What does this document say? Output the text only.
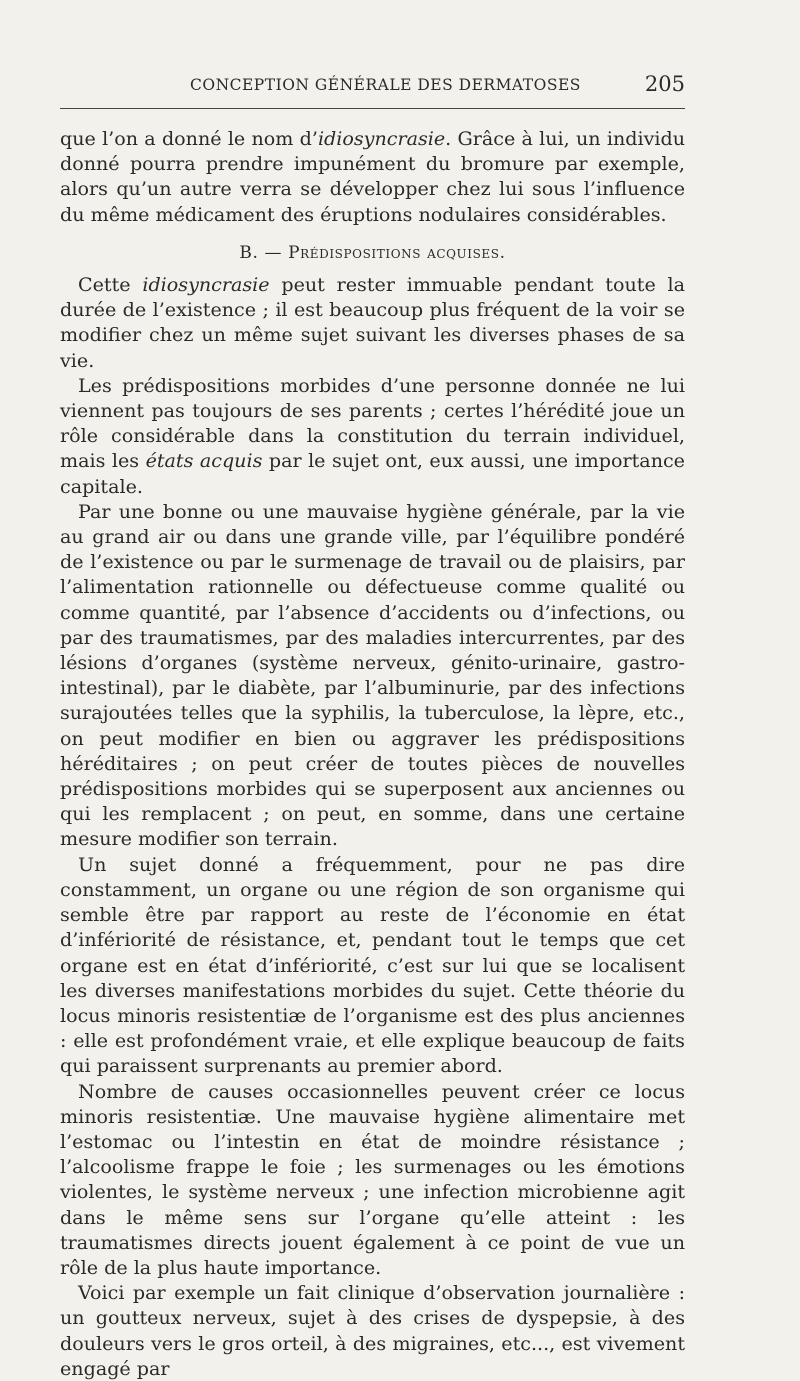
CONCEPTION GÉNÉRALE DES DERMATOSES	205

que l’on a donné le nom d’idiosyncrasie. Grâce à lui, un individu donné pourra prendre impunément du bromure par exemple, alors qu’un autre verra se développer chez lui sous l’influence du même médicament des éruptions nodulaires considérables.

B. — Prédispositions acquises.

Cette idiosyncrasie peut rester immuable pendant toute la durée de l’existence ; il est beaucoup plus fréquent de la voir se modifier chez un même sujet suivant les diverses phases de sa vie.

Les prédispositions morbides d’une personne donnée ne lui viennent pas toujours de ses parents ; certes l’hérédité joue un rôle considérable dans la constitution du terrain individuel, mais les états acquis par le sujet ont, eux aussi, une importance capitale.

Par une bonne ou une mauvaise hygiène générale, par la vie au grand air ou dans une grande ville, par l’équilibre pondéré de l’existence ou par le surmenage de travail ou de plaisirs, par l’alimentation rationnelle ou défectueuse comme qualité ou comme quantité, par l’absence d’accidents ou d’infections, ou par des traumatismes, par des maladies intercurrentes, par des lésions d’organes (système nerveux, génito-urinaire, gastro-intestinal), par le diabète, par l’albuminurie, par des infections surajoutées telles que la syphilis, la tuberculose, la lèpre, etc., on peut modifier en bien ou aggraver les prédispositions héréditaires ; on peut créer de toutes pièces de nouvelles prédispositions morbides qui se superposent aux anciennes ou qui les remplacent ; on peut, en somme, dans une certaine mesure modifier son terrain.

Un sujet donné a fréquemment, pour ne pas dire constamment, un organe ou une région de son organisme qui semble être par rapport au reste de l’économie en état d’infériorité de résistance, et, pendant tout le temps que cet organe est en état d’infériorité, c’est sur lui que se localisent les diverses manifestations morbides du sujet. Cette théorie du locus minoris resistentiæ de l’organisme est des plus anciennes : elle est profondément vraie, et elle explique beaucoup de faits qui paraissent surprenants au premier abord.

Nombre de causes occasionnelles peuvent créer ce locus minoris resistentiæ. Une mauvaise hygiène alimentaire met l’estomac ou l’intestin en état de moindre résistance ; l’alcoolisme frappe le foie ; les surmenages ou les émotions violentes, le système nerveux ; une infection microbienne agit dans le même sens sur l’organe qu’elle atteint : les traumatismes directs jouent également à ce point de vue un rôle de la plus haute importance.

Voici par exemple un fait clinique d’observation journalière : un goutteux nerveux, sujet à des crises de dyspepsie, à des douleurs vers le gros orteil, à des migraines, etc..., est vivement engagé par
